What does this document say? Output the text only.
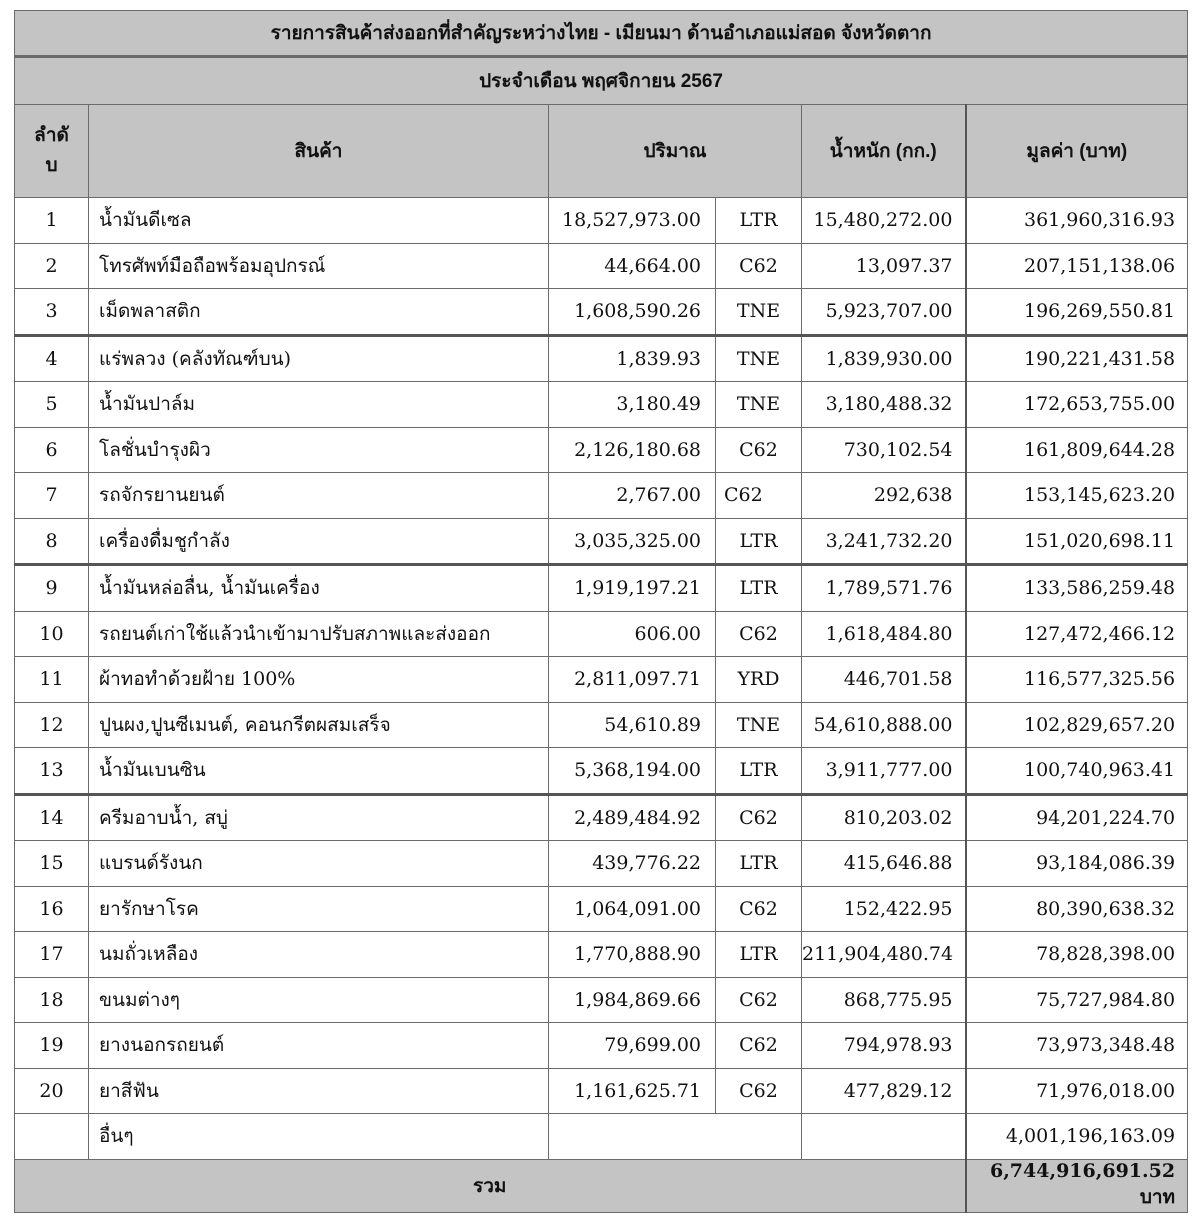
รายการสินค้าส่งออกที่สำคัญระหว่างไทย - เมียนมา ด้านอำเภอแม่สอด จังหวัดตาก					
ประจำเดือน พฤศจิกายน 2567					
ลำดั
บ	สินค้า	ปริมาณ		น้ำหนัก (กก.)	มูลค่า (บาท)
1	น้ำมันดีเซล	18,527,973.00	LTR	15,480,272.00	361,960,316.93
2	โทรศัพท์มือถือพร้อมอุปกรณ์	44,664.00	C62	13,097.37	207,151,138.06
3	เม็ดพลาสติก	1,608,590.26	TNE	5,923,707.00	196,269,550.81
4	แร่พลวง (คลังทัณฑ์บน)	1,839.93	TNE	1,839,930.00	190,221,431.58
5	น้ำมันปาล์ม	3,180.49	TNE	3,180,488.32	172,653,755.00
6	โลชั่นบำรุงผิว	2,126,180.68	C62	730,102.54	161,809,644.28
7	รถจักรยานยนต์	2,767.00	C62	292,638	153,145,623.20
8	เครื่องดื่มชูกำลัง	3,035,325.00	LTR	3,241,732.20	151,020,698.11
9	น้ำมันหล่อลื่น, น้ำมันเครื่อง	1,919,197.21	LTR	1,789,571.76	133,586,259.48
10	รถยนต์เก่าใช้แล้วนำเข้ามาปรับสภาพและส่งออก	606.00	C62	1,618,484.80	127,472,466.12
11	ผ้าทอทำด้วยฝ้าย 100%	2,811,097.71	YRD	446,701.58	116,577,325.56
12	ปูนผง,ปูนซีเมนต์, คอนกรีตผสมเสร็จ	54,610.89	TNE	54,610,888.00	102,829,657.20
13	น้ำมันเบนซิน	5,368,194.00	LTR	3,911,777.00	100,740,963.41
14	ครีมอาบน้ำ, สบู่	2,489,484.92	C62	810,203.02	94,201,224.70
15	แบรนด์รังนก	439,776.22	LTR	415,646.88	93,184,086.39
16	ยารักษาโรค	1,064,091.00	C62	152,422.95	80,390,638.32
17	นมถั่วเหลือง	1,770,888.90	LTR	211,904,480.74	78,828,398.00
18	ขนมต่างๆ	1,984,869.66	C62	868,775.95	75,727,984.80
19	ยางนอกรถยนต์	79,699.00	C62	794,978.93	73,973,348.48
20	ยาสีฟัน	1,161,625.71	C62	477,829.12	71,976,018.00
	อื่นๆ				4,001,196,163.09
รวม					6,744,916,691.52 บาท
